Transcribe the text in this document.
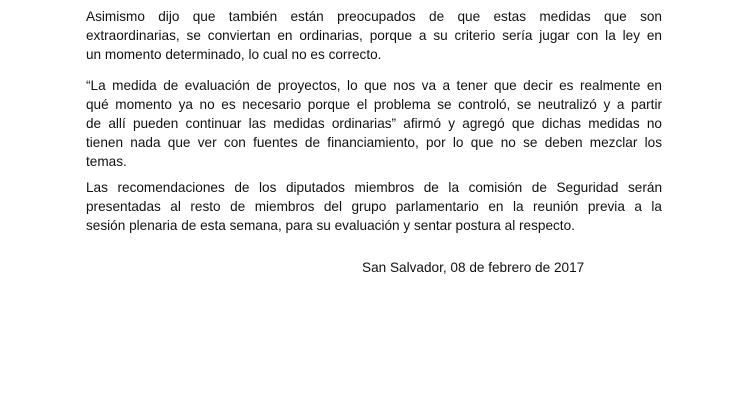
Asimismo dijo que también están preocupados de que estas medidas que son
extraordinarias, se conviertan en ordinarias, porque a su criterio sería jugar con la ley en
un momento determinado, lo cual no es correcto.

“La medida de evaluación de proyectos, lo que nos va a tener que decir es realmente en
qué momento ya no es necesario porque el problema se controló, se neutralizó y a partir
de allí pueden continuar las medidas ordinarias” afirmó y agregó que dichas medidas no
tienen nada que ver con fuentes de financiamiento, por lo que no se deben mezclar los
temas.

Las recomendaciones de los diputados miembros de la comisión de Seguridad serán
presentadas al resto de miembros del grupo parlamentario en la reunión previa a la
sesión plenaria de esta semana, para su evaluación y sentar postura al respecto.

San Salvador, 08 de febrero de 2017
